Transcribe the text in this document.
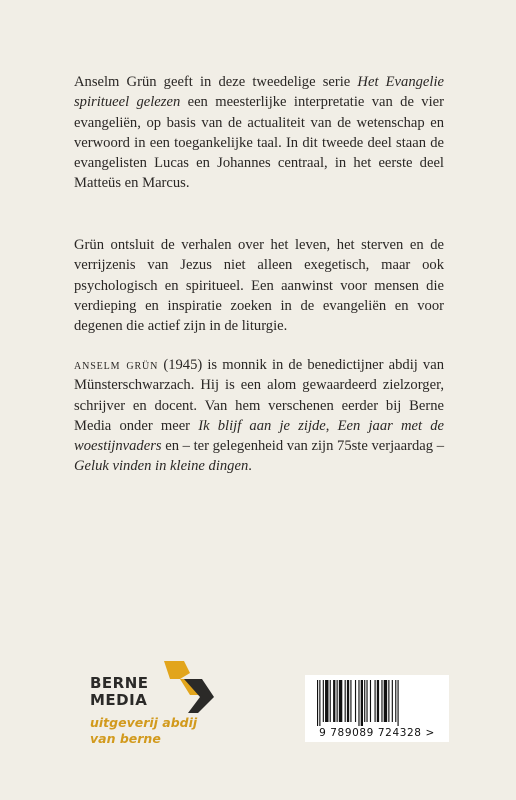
Anselm Grün geeft in deze tweedelige serie Het Evangelie spiritueel gelezen een meesterlijke interpretatie van de vier evangeliën, op basis van de actualiteit van de wetenschap en verwoord in een toegankelijke taal. In dit tweede deel staan de evangelisten Lucas en Johannes centraal, in het eerste deel Matteüs en Marcus.

Grün ontsluit de verhalen over het leven, het sterven en de verrijzenis van Jezus niet alleen exegetisch, maar ook psychologisch en spiritueel. Een aanwinst voor mensen die verdieping en inspiratie zoeken in de evangeliën en voor degenen die actief zijn in de liturgie.

anselm grün (1945) is monnik in de benedictijner abdij van Münsterschwarzach. Hij is een alom gewaardeerd zielzorger, schrijver en docent. Van hem verschenen eerder bij Berne Media onder meer Ik blijf aan je zijde, Een jaar met de woestijnvaders en – ter gelegenheid van zijn 75ste verjaardag – Geluk vinden in kleine dingen.

BERNE
MEDIA
uitgeverij abdij
van berne	9 789089 724328 >
